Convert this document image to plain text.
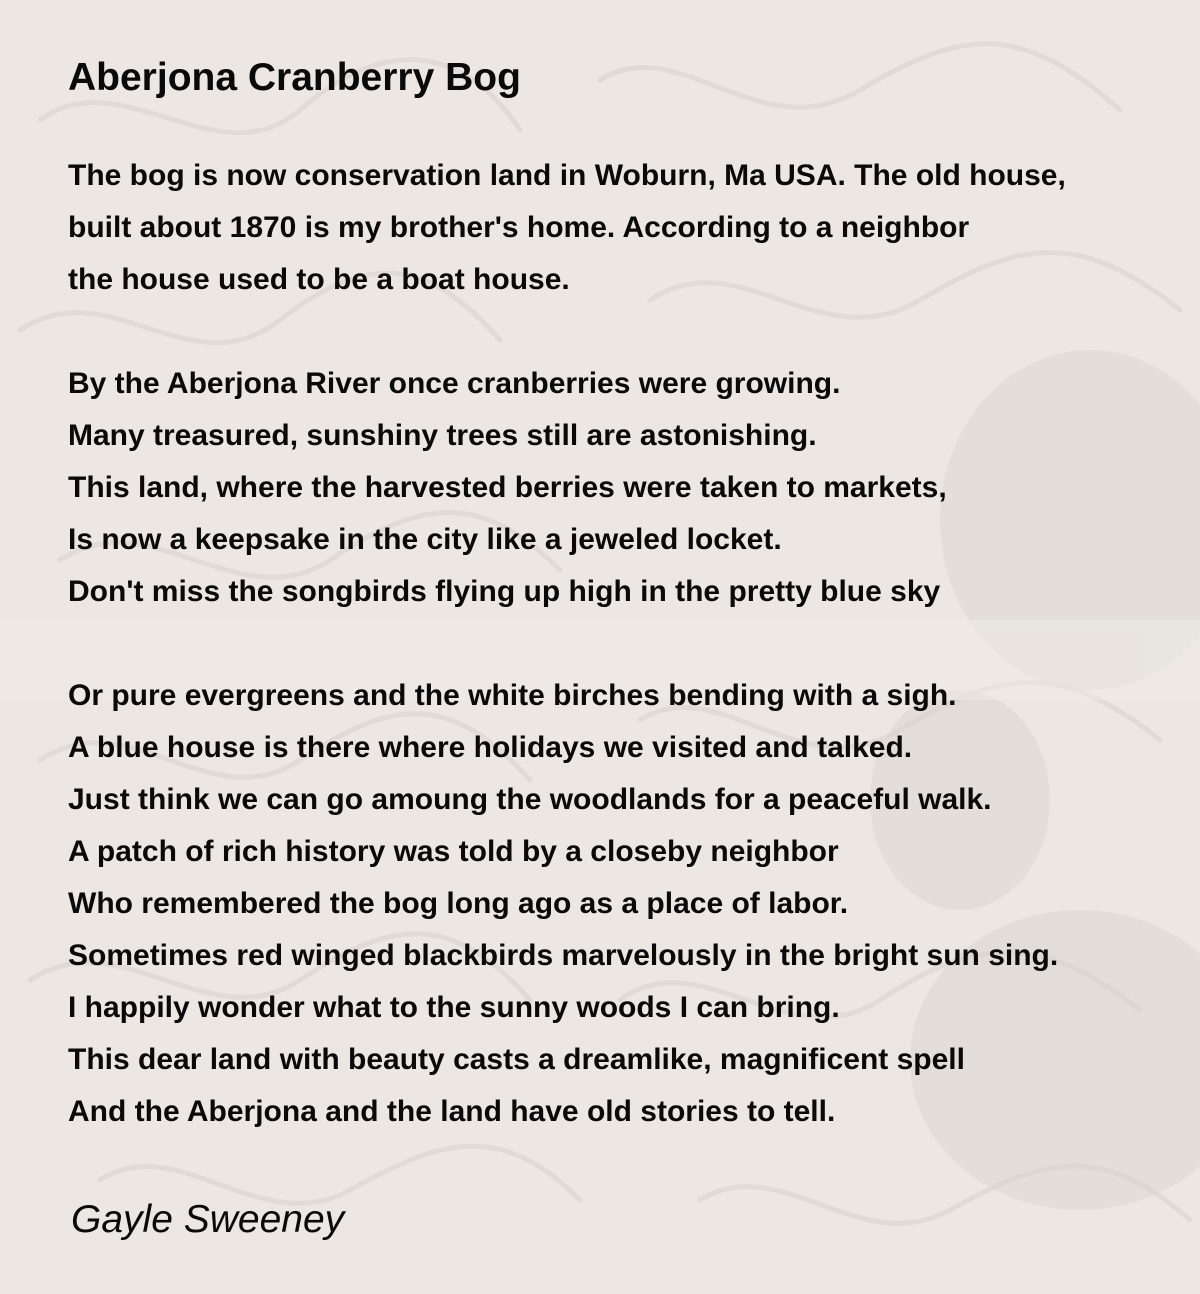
Aberjona Cranberry Bog
The bog is now conservation land in Woburn, Ma USA. The old house,
built about 1870 is my brother's home. According to a neighbor
the house used to be a boat house.
By the Aberjona River once cranberries were growing.
Many treasured, sunshiny trees still are astonishing.
This land, where the harvested berries were taken to markets,
Is now a keepsake in the city like a jeweled locket.
Don't miss the songbirds flying up high in the pretty blue sky
Or pure evergreens and the white birches bending with a sigh.
A blue house is there where holidays we visited and talked.
Just think we can go amoung the woodlands for a peaceful walk.
A patch of rich history was told by a closeby neighbor
Who remembered the bog long ago as a place of labor.
Sometimes red winged blackbirds marvelously in the bright sun sing.
I happily wonder what to the sunny woods I can bring.
This dear land with beauty casts a dreamlike, magnificent spell
And the Aberjona and the land have old stories to tell.

Gayle Sweeney
